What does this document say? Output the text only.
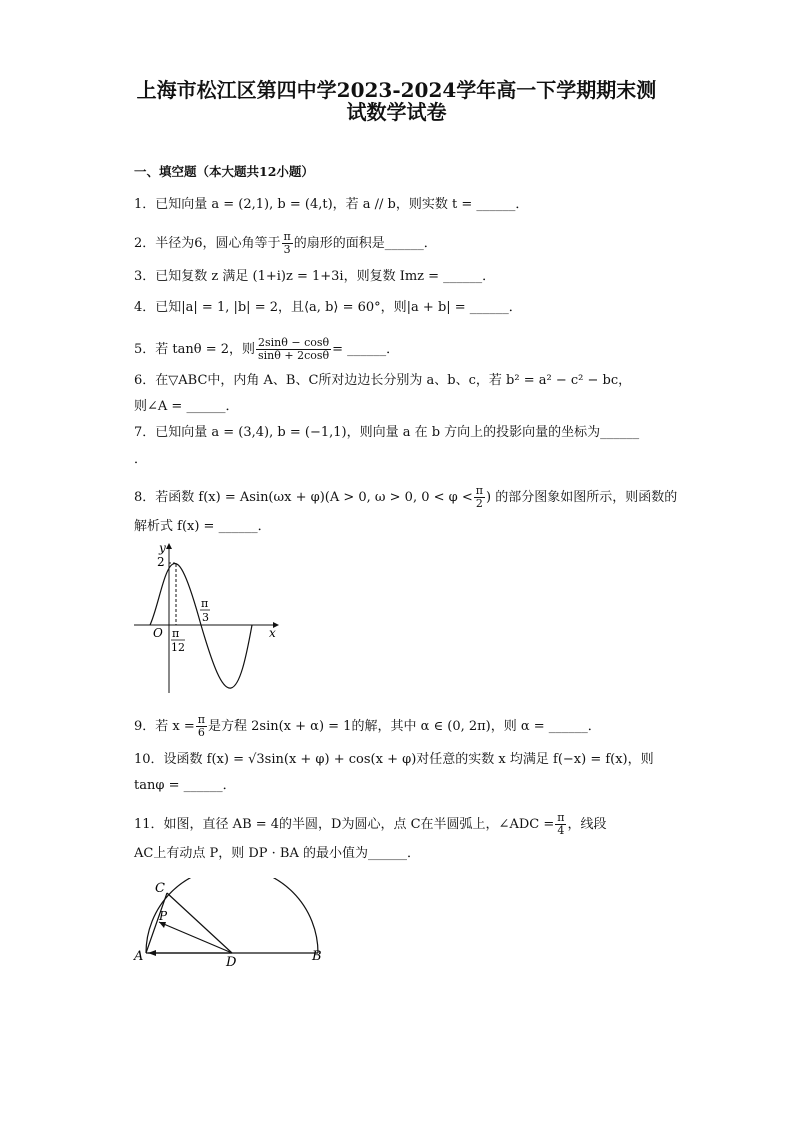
上海市松江区第四中学2023-2024学年高一下学期期末测
试数学试卷
一、填空题（本大题共12小题）
1．已知向量 a = (2,1), b = (4,t)，若 a // b，则实数 t = ______．
2．半径为6，圆心角等于 $\frac{\pi}{3}$ 的扇形的面积是______．
3．已知复数 z 满足 (1+i)z = 1+3i，则复数 Imz = ______．
4．已知|a| = 1, |b| = 2，且⟨a, b⟩ = 60°，则|a + b| = ______．
5．若 tanθ = 2，则 $\frac{2\sin\theta - \cos\theta}{\sin\theta + 2\cos\theta}$ = ______．
6．在▽ABC中，内角 A、B、C所对边边长分别为 a、b、c，若 b² = a² − c² − bc，
则∠A = ______．
7．已知向量 a = (3,4), b = (−1,1)，则向量 a 在 b 方向上的投影向量的坐标为______
．
8．若函数 f(x) = Asin(ωx + φ)(A > 0, ω > 0, $0 < \varphi < \frac{\pi}{2}$ ) 的部分图象如图所示，则函数的
解析式 f(x) = ______．
y
x
O
2
π
12
π
3
9．若 $x = \frac{\pi}{6}$ 是方程 2sin(x + α) = 1的解，其中 α ∈ (0, 2π)，则 α = ______．
10．设函数 f(x) = √3sin(x + φ) + cos(x + φ)对任意的实数 x 均满足 f(−x) = f(x)，则
tanφ = ______．
11．如图，直径 AB = 4的半圆，D为圆心，点 C在半圆弧上，∠ADC = $\frac{\pi}{4}$ ，线段
AC上有动点 P，则 DP · BA 的最小值为______．
C
P
A	D	B
